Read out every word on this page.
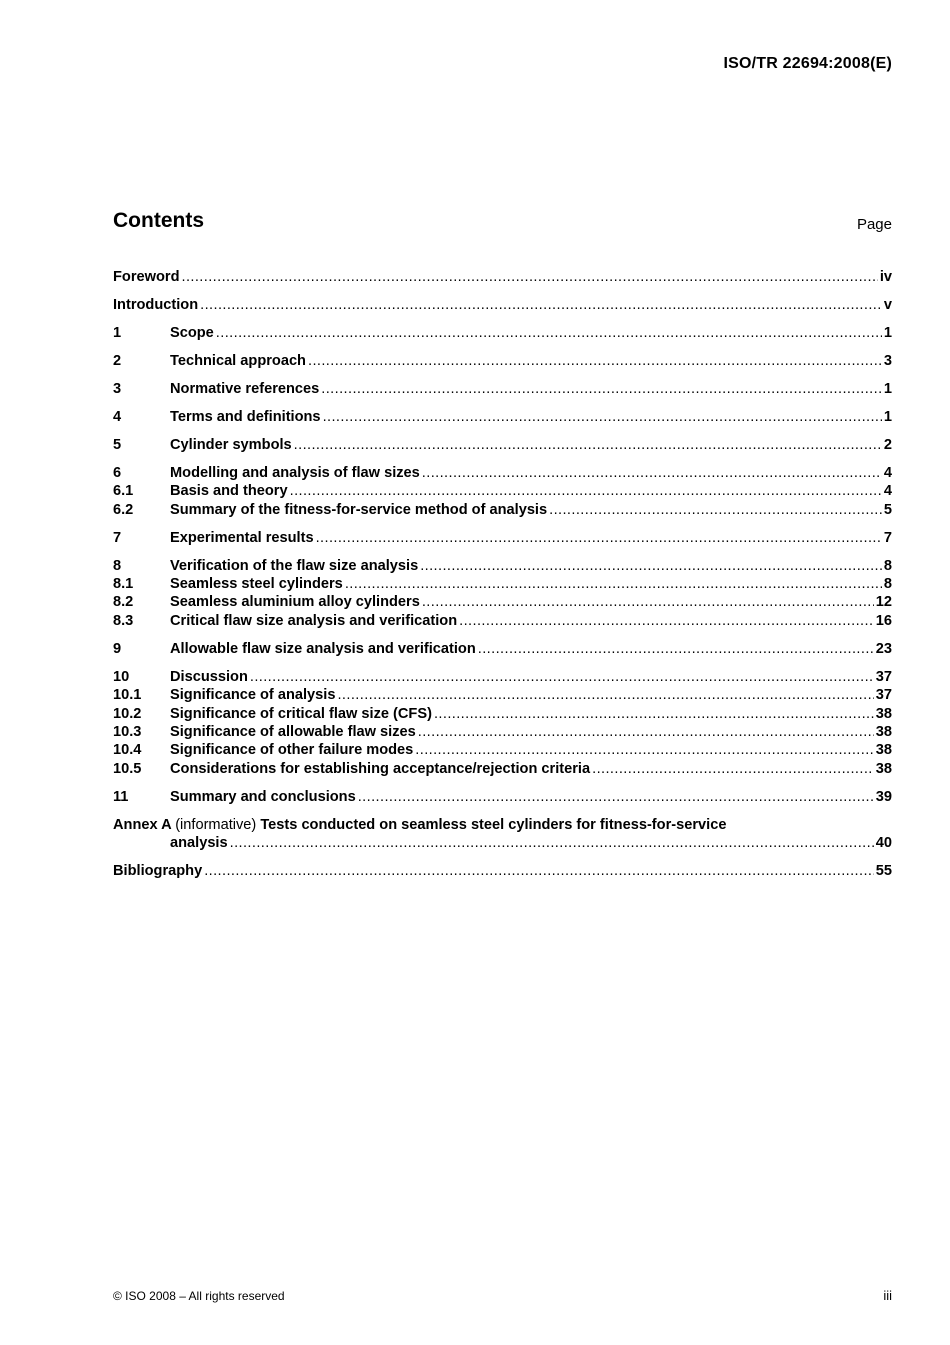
ISO/TR 22694:2008(E)
Contents	Page
Foreword .....	iv
Introduction .....	v
1	Scope .....	1
2	Technical approach .....	3
3	Normative references .....	1
4	Terms and definitions .....	1
5	Cylinder symbols .....	2
6	Modelling and analysis of flaw sizes .....	4
6.1	Basis and theory .....	4
6.2	Summary of the fitness-for-service method of analysis .....	5
7	Experimental results .....	7
8	Verification of the flaw size analysis .....	8
8.1	Seamless steel cylinders .....	8
8.2	Seamless aluminium alloy cylinders .....	12
8.3	Critical flaw size analysis and verification .....	16
9	Allowable flaw size analysis and verification .....	23
10	Discussion .....	37
10.1	Significance of analysis .....	37
10.2	Significance of critical flaw size (CFS) .....	38
10.3	Significance of allowable flaw sizes .....	38
10.4	Significance of other failure modes .....	38
10.5	Considerations for establishing acceptance/rejection criteria .....	38
11	Summary and conclusions .....	39
Annex A (informative) Tests conducted on seamless steel cylinders for fitness-for-service
analysis .....	40
Bibliography .....	55
© ISO 2008 – All rights reserved	iii
